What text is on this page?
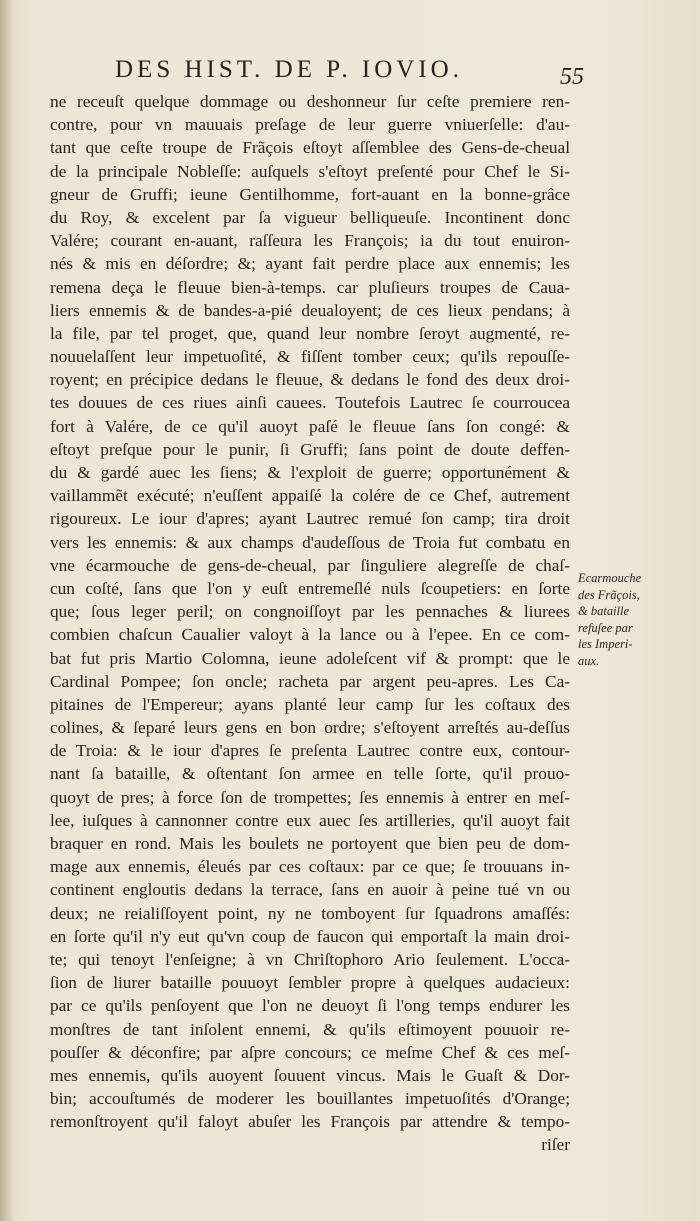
DES HIST. DE P. IOVIO.	55
ne receuſt quelque dommage ou deshonneur ſur ceſte premiere ren-
contre, pour vn mauuais preſage de leur guerre vniuerſelle: d'au-
tant que ceſte troupe de Frãçois eſtoyt aſſemblee des Gens-de-cheual
de la principale Nobleſſe: auſquels s'eſtoyt preſenté pour Chef le Si-
gneur de Gruffi; ieune Gentilhomme, fort-auant en la bonne-grâce
du Roy, & excelent par ſa vigueur belliqueuſe. Incontinent donc
Valére; courant en-auant, raſſeura les François; ia du tout enuiron-
nés & mis en déſordre; &; ayant fait perdre place aux ennemis; les
remena deça le fleuue bien-à-temps. car pluſieurs troupes de Caua-
liers ennemis & de bandes-a-pié deualoyent; de ces lieux pendans; à
la file, par tel proget, que, quand leur nombre ſeroyt augmenté, re-
nouuelaſſent leur impetuoſité, & fiſſent tomber ceux; qu'ils repouſſe-
royent; en précipice dedans le fleuue, & dedans le fond des deux droi-
tes douues de ces riues ainſi cauees. Toutefois Lautrec ſe courroucea
fort à Valére, de ce qu'il auoyt paſé le fleuue ſans ſon congé: &
eſtoyt preſque pour le punir, ſi Gruffi; ſans point de doute deffen-
du & gardé auec les ſiens; & l'exploit de guerre; opportunément &
vaillammẽt exécuté; n'euſſent appaiſé la colére de ce Chef, autrement
rigoureux. Le iour d'apres; ayant Lautrec remué ſon camp; tira droit
vers les ennemis: & aux champs d'audeſſous de Troia fut combatu en
vne écarmouche de gens-de-cheual, par ſinguliere alegreſſe de chaſ-
cun coſté, ſans que l'on y euſt entremeſlé nuls ſcoupetiers: en ſorte
que; ſous leger peril; on congnoiſſoyt par les pennaches & liurees
combien chaſcun Caualier valoyt à la lance ou à l'epee. En ce com-
bat fut pris Martio Colomna, ieune adoleſcent vif & prompt: que le
Cardinal Pompee; ſon oncle; racheta par argent peu-apres. Les Ca-
pitaines de l'Empereur; ayans planté leur camp ſur les coſtaux des
colines, & ſeparé leurs gens en bon ordre; s'eſtoyent arreſtés au-deſſus
de Troia: & le iour d'apres ſe preſenta Lautrec contre eux, contour-
nant ſa bataille, & oſtentant ſon armee en telle ſorte, qu'il prouo-
quoyt de pres; à force ſon de trompettes; ſes ennemis à entrer en meſ-
lee, iuſques à cannonner contre eux auec ſes artilleries, qu'il auoyt fait
braquer en rond. Mais les boulets ne portoyent que bien peu de dom-
mage aux ennemis, éleués par ces coſtaux: par ce que; ſe trouuans in-
continent engloutis dedans la terrace, ſans en auoir à peine tué vn ou
deux; ne reialiſſoyent point, ny ne tomboyent ſur ſquadrons amaſſés:
en ſorte qu'il n'y eut qu'vn coup de faucon qui emportaſt la main droi-
te; qui tenoyt l'enſeigne; à vn Chriſtophoro Ario ſeulement. L'occa-
ſion de liurer bataille pouuoyt ſembler propre à quelques audacieux:
par ce qu'ils penſoyent que l'on ne deuoyt ſi l'ong temps endurer les
monſtres de tant inſolent ennemi, & qu'ils eſtimoyent pouuoir re-
pouſſer & déconfire; par aſpre concours; ce meſme Chef & ces meſ-
mes ennemis, qu'ils auoyent ſouuent vincus. Mais le Guaſt & Dor-
bin; accouſtumés de moderer les bouillantes impetuoſités d'Orange;
remonſtroyent qu'il faloyt abuſer les François par attendre & tempo-
riſer
Ecarmouche
des Frãçois,
& bataille
refuſee par
les Imperi-
aux.
